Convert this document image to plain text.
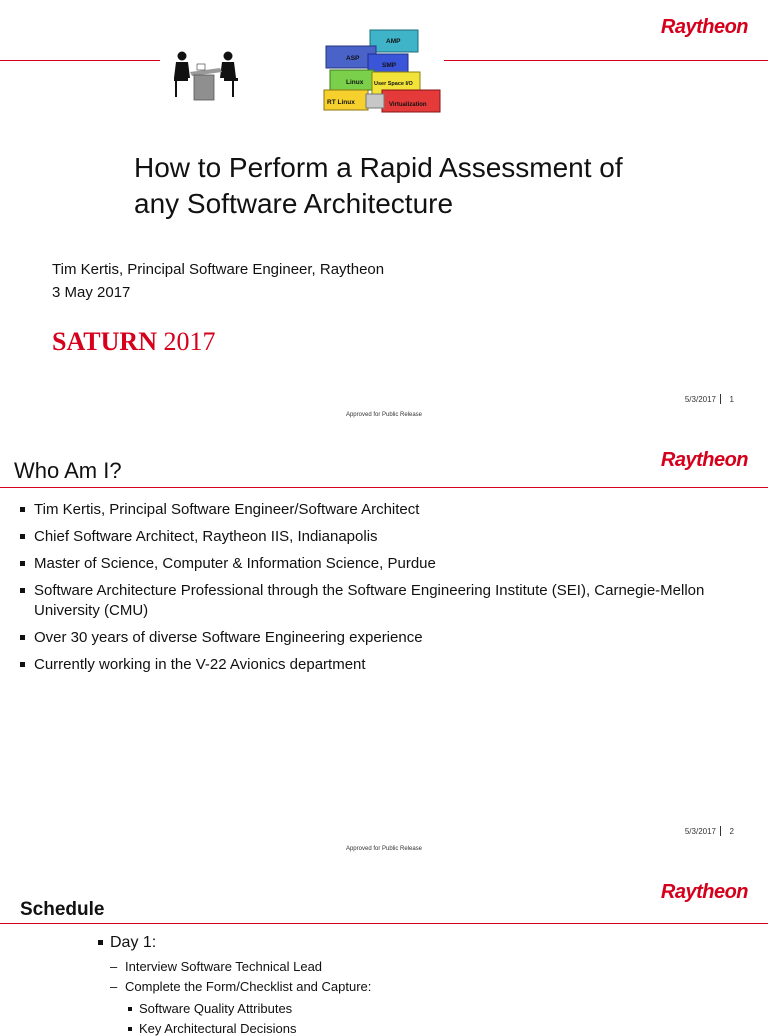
Raytheon
AMP
ASP
SMP
Linux User Space I/O
RT Linux	Virtualization
How to Perform a Rapid Assessment of
any Software Architecture
Tim Kertis, Principal Software Engineer, Raytheon
3 May 2017
SATURN 2017
5/3/2017 1
Approved for Public Release
Who Am I?	Raytheon
Tim Kertis, Principal Software Engineer/Software Architect
Chief Software Architect, Raytheon IIS, Indianapolis
Master of Science, Computer & Information Science, Purdue
Software Architecture Professional through the Software Engineering Institute (SEI), Carnegie-Mellon University (CMU)
Over 30 years of diverse Software Engineering experience
Currently working in the V-22 Avionics department
5/3/2017 2
Approved for Public Release
Schedule
Raytheon
Day 1:
– Interview Software Technical Lead
– Complete the Form/Checklist and Capture:
Software Quality Attributes
Key Architectural Decisions
